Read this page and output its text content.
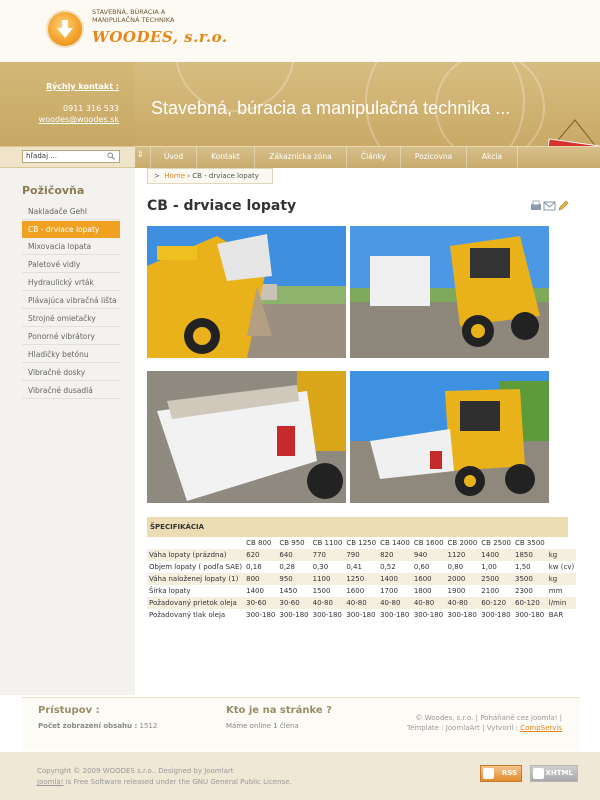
STAVEBNÁ, BÚRACIA A
MANIPULAČNÁ TECHNIKA
WOODES, s.r.o.
Rýchly kontakt :
0911 316 533
woodes@woodes.sk
Stavebná, búracia a manipulačná technika ...
hľadaj ...	⇕	Úvod	Kontakt	Zákaznícka zóna	Články	Pozicovna	Akcia
Požičovňa
Nakladače Gehl
CB - drviace lopaty
Mixovacia lopata
Paletové vidly
Hydraulický vrták
Plávajúca vibračná lišta
Strojné omietačky
Ponorné vibrátory
Hladičky betónu
Vibračné dosky
Vibračné dusadlá
> Home › CB - drviace lopaty
CB - drviace lopaty
ŠPECIFIKÁCIA
	CB 800	CB 950	CB 1100	CB 1250	CB 1400	CB 1600	CB 2000	CB 2500	CB 3500	
Váha lopaty (prázdna)	620	640	770	790	820	940	1120	1400	1850	kg
Objem lopaty ( podľa SAE)	0,16	0,28	0,30	0,41	0,52	0,60	0,80	1,00	1,50	kw (cv)
Váha naloženej lopaty (1)	800	950	1100	1250	1400	1600	2000	2500	3500	kg
Šírka lopaty	1400	1450	1500	1600	1700	1800	1900	2100	2300	mm
Požadovaný prietok oleja	30-60	30-60	40-80	40-80	40-80	40-80	40-80	60-120	60-120	l/min
Požadovaný tlak oleja	300-180	300-180	300-180	300-180	300-180	300-180	300-180	300-180	300-180	BAR
Prístupov :
Počet zobrazení obsahu : 1512
Kto je na stránke ?
Máme online 1 člena
© Woodes, s.r.o. | Poháňané cez Joomla! |
Template : JoomlaArt | Vytvoril : CompServis
Copyright © 2009 WOODES s.r.o.. Designed by Joomlart
Joomla! is Free Software released under the GNU General Public License.
RSS	XHTML
